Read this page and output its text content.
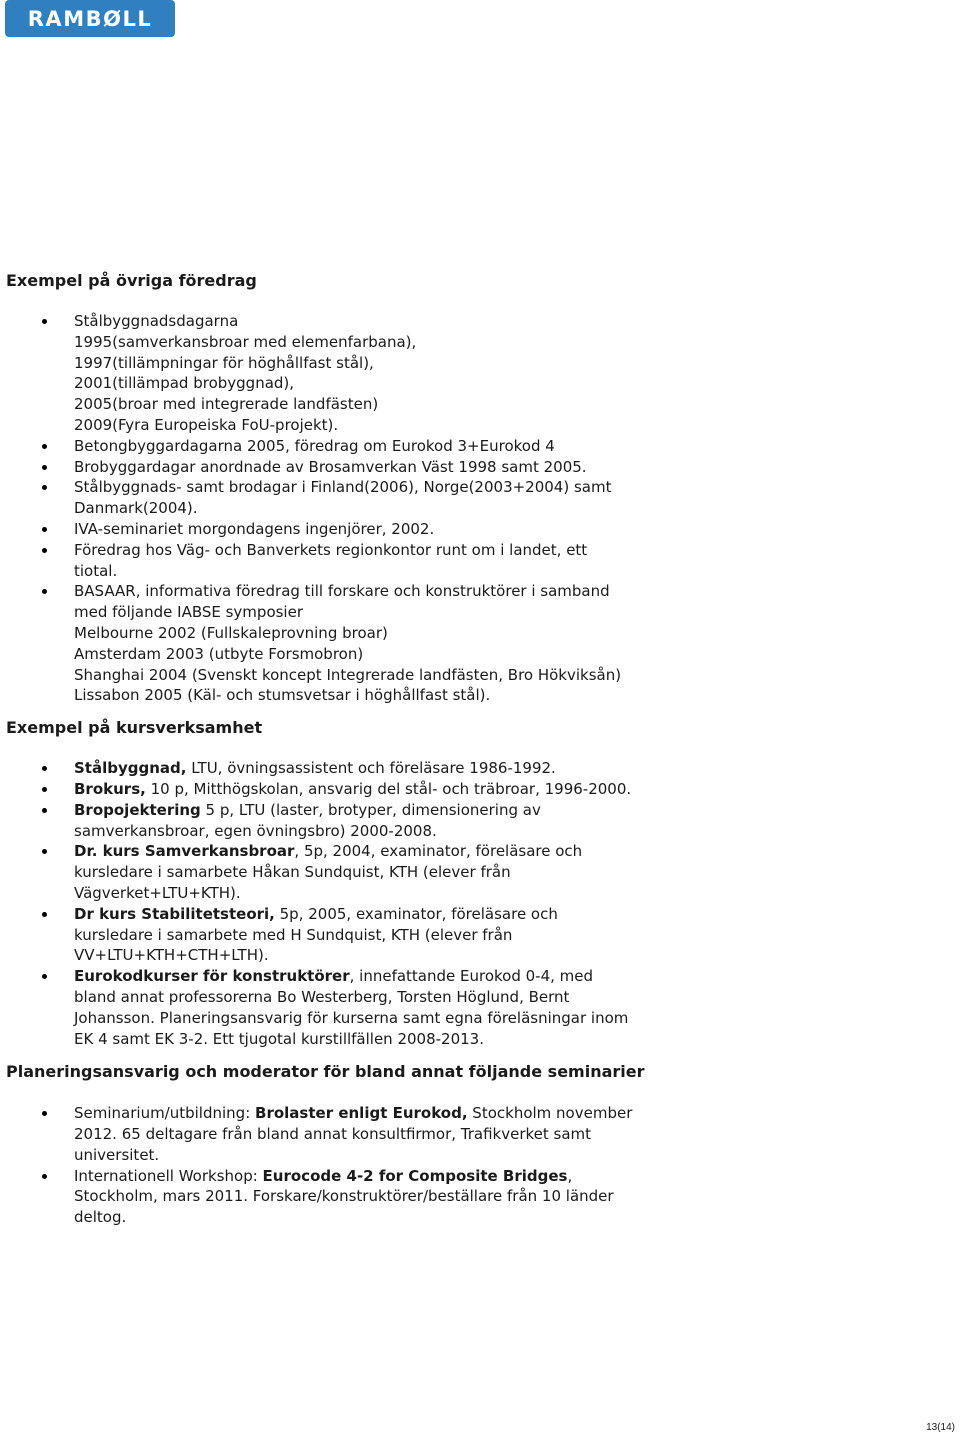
RAMBØLL
Exempel på övriga föredrag
Stålbyggnadsdagarna
1995(samverkansbroar med elemenfarbana),
1997(tillämpningar för höghållfast stål),
2001(tillämpad brobyggnad),
2005(broar med integrerade landfästen)
2009(Fyra Europeiska FoU-projekt).
Betongbyggardagarna 2005, föredrag om Eurokod 3+Eurokod 4
Brobyggardagar anordnade av Brosamverkan Väst 1998 samt 2005.
Stålbyggnads- samt brodagar i Finland(2006), Norge(2003+2004) samt
Danmark(2004).
IVA-seminariet morgondagens ingenjörer, 2002.
Föredrag hos Väg- och Banverkets regionkontor runt om i landet, ett
tiotal.
BASAAR, informativa föredrag till forskare och konstruktörer i samband
med följande IABSE symposier
Melbourne 2002 (Fullskaleprovning broar)
Amsterdam 2003 (utbyte Forsmobron)
Shanghai 2004 (Svenskt koncept Integrerade landfästen, Bro Hökviksån)
Lissabon 2005 (Käl- och stumsvetsar i höghållfast stål).
Exempel på kursverksamhet
Stålbyggnad, LTU, övningsassistent och föreläsare 1986-1992.
Brokurs, 10 p, Mitthögskolan, ansvarig del stål- och träbroar, 1996-2000.
Bropojektering 5 p, LTU (laster, brotyper, dimensionering av
samverkansbroar, egen övningsbro) 2000-2008.
Dr. kurs Samverkansbroar, 5p, 2004, examinator, föreläsare och
kursledare i samarbete Håkan Sundquist, KTH (elever från
Vägverket+LTU+KTH).
Dr kurs Stabilitetsteori, 5p, 2005, examinator, föreläsare och
kursledare i samarbete med H Sundquist, KTH (elever från
VV+LTU+KTH+CTH+LTH).
Eurokodkurser för konstruktörer, innefattande Eurokod 0-4, med
bland annat professorerna Bo Westerberg, Torsten Höglund, Bernt
Johansson. Planeringsansvarig för kurserna samt egna föreläsningar inom
EK 4 samt EK 3-2. Ett tjugotal kurstillfällen 2008-2013.
Planeringsansvarig och moderator för bland annat följande seminarier
Seminarium/utbildning: Brolaster enligt Eurokod, Stockholm november
2012. 65 deltagare från bland annat konsultfirmor, Trafikverket samt
universitet.
Internationell Workshop: Eurocode 4-2 for Composite Bridges,
Stockholm, mars 2011. Forskare/konstruktörer/beställare från 10 länder
deltog.
13(14)
